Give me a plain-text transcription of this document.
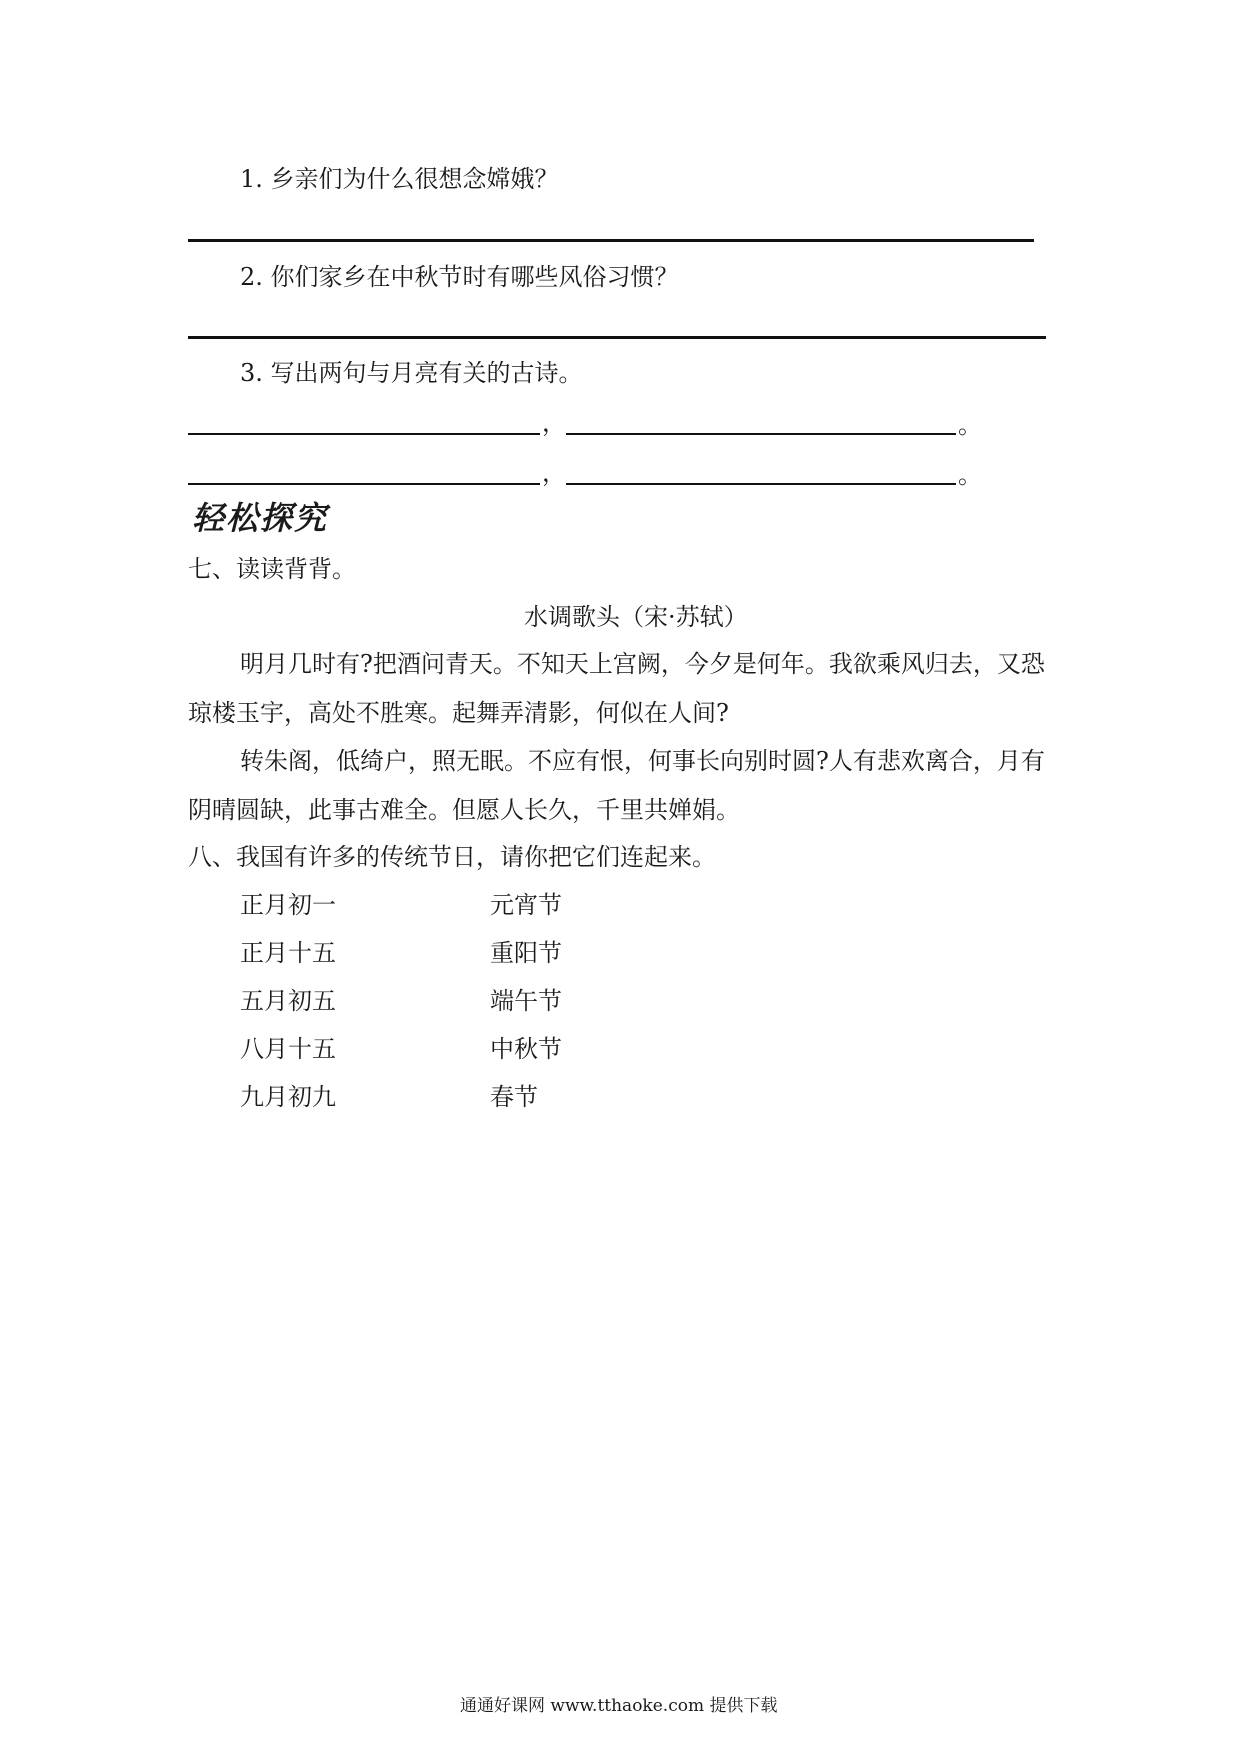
1. 乡亲们为什么很想念嫦娥？
2. 你们家乡在中秋节时有哪些风俗习惯？
3. 写出两句与月亮有关的古诗。
，	。
，	。
轻松探究
七、读读背背。
水调歌头（宋·苏轼）
明月几时有?把酒问青天。不知天上宫阙，今夕是何年。我欲乘风归去，又恐琼楼玉宇，高处不胜寒。起舞弄清影，何似在人间?
转朱阁，低绮户，照无眠。不应有恨，何事长向别时圆?人有悲欢离合，月有阴晴圆缺，此事古难全。但愿人长久，千里共婵娟。
八、我国有许多的传统节日，请你把它们连起来。
正月初一
正月十五
五月初五
八月十五
九月初九
元宵节
重阳节
端午节
中秋节
春节
通通好课网 www.tthaoke.com 提供下载
